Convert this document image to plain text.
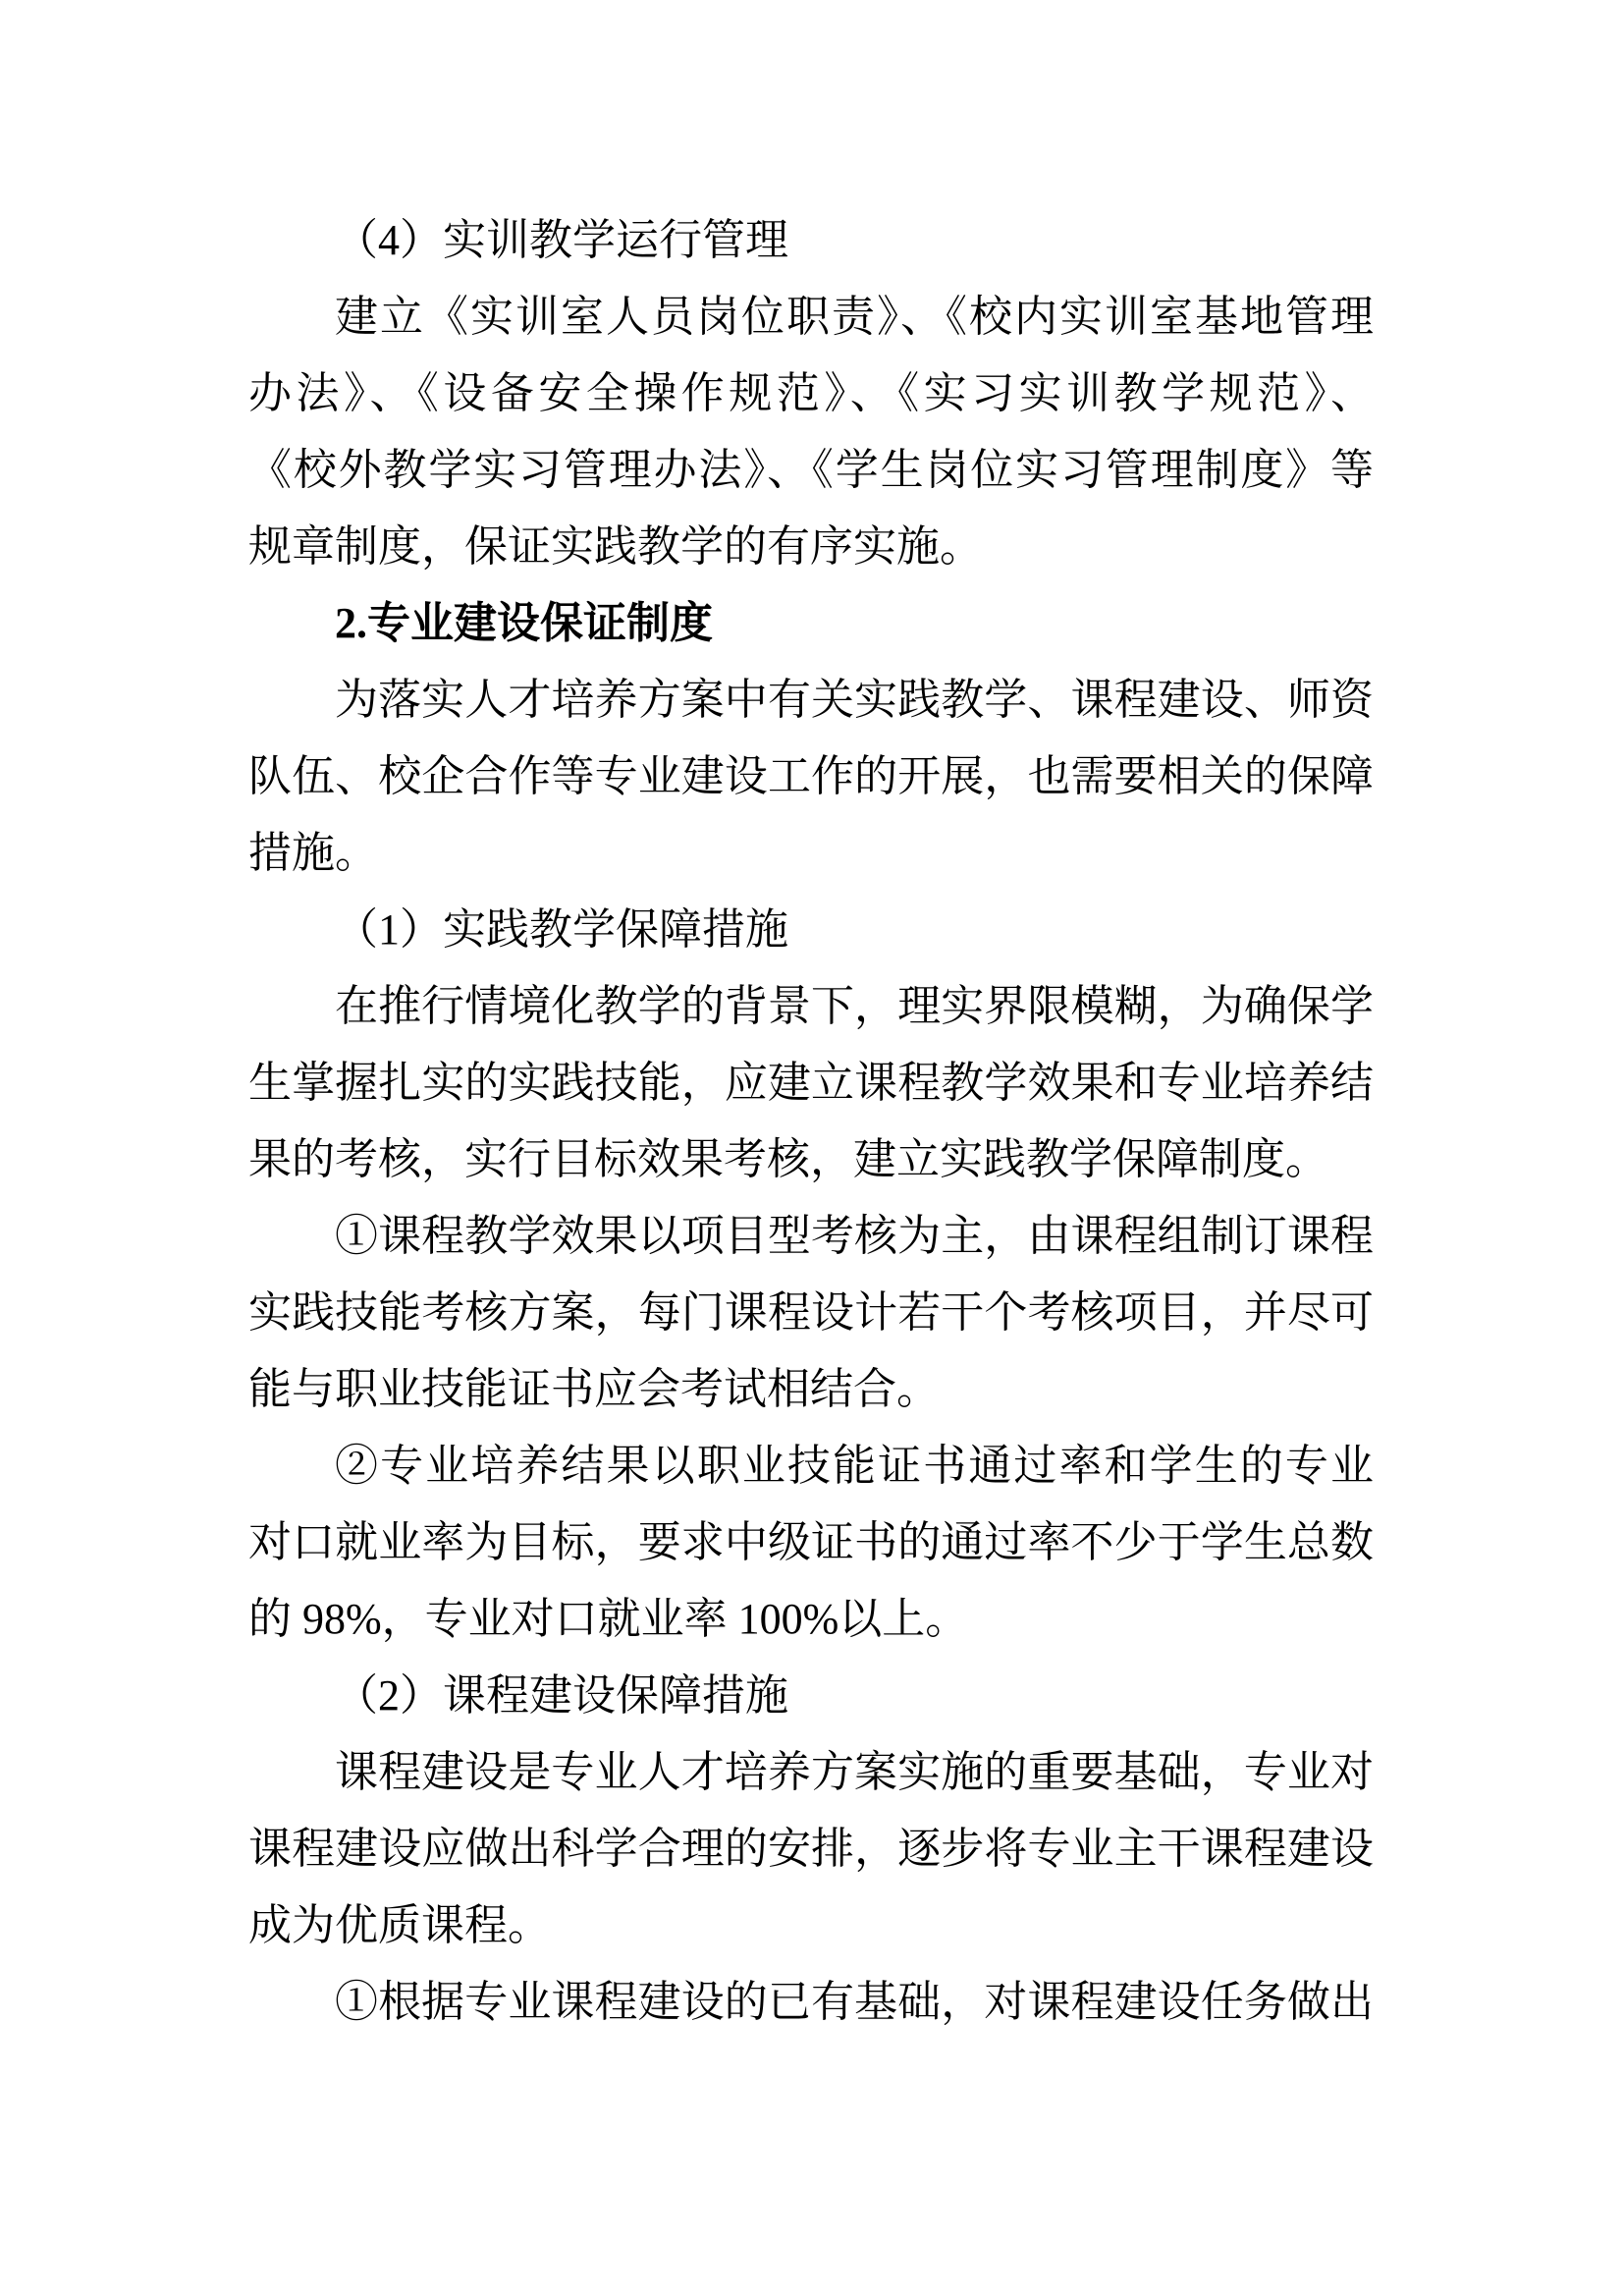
（4）实训教学运行管理
建立《实训室人员岗位职责》、《校内实训室基地管理
办法》、《设备安全操作规范》、《实习实训教学规范》、
《校外教学实习管理办法》、《学生岗位实习管理制度》等
规章制度，保证实践教学的有序实施。
2.专业建设保证制度
为落实人才培养方案中有关实践教学、课程建设、师资
队伍、校企合作等专业建设工作的开展，也需要相关的保障
措施。
（1）实践教学保障措施
在推行情境化教学的背景下，理实界限模糊，为确保学
生掌握扎实的实践技能，应建立课程教学效果和专业培养结
果的考核，实行目标效果考核，建立实践教学保障制度。
①课程教学效果以项目型考核为主，由课程组制订课程
实践技能考核方案，每门课程设计若干个考核项目，并尽可
能与职业技能证书应会考试相结合。
②专业培养结果以职业技能证书通过率和学生的专业
对口就业率为目标，要求中级证书的通过率不少于学生总数
的 98%，专业对口就业率 100%以上。
（2）课程建设保障措施
课程建设是专业人才培养方案实施的重要基础，专业对
课程建设应做出科学合理的安排，逐步将专业主干课程建设
成为优质课程。
①根据专业课程建设的已有基础，对课程建设任务做出
